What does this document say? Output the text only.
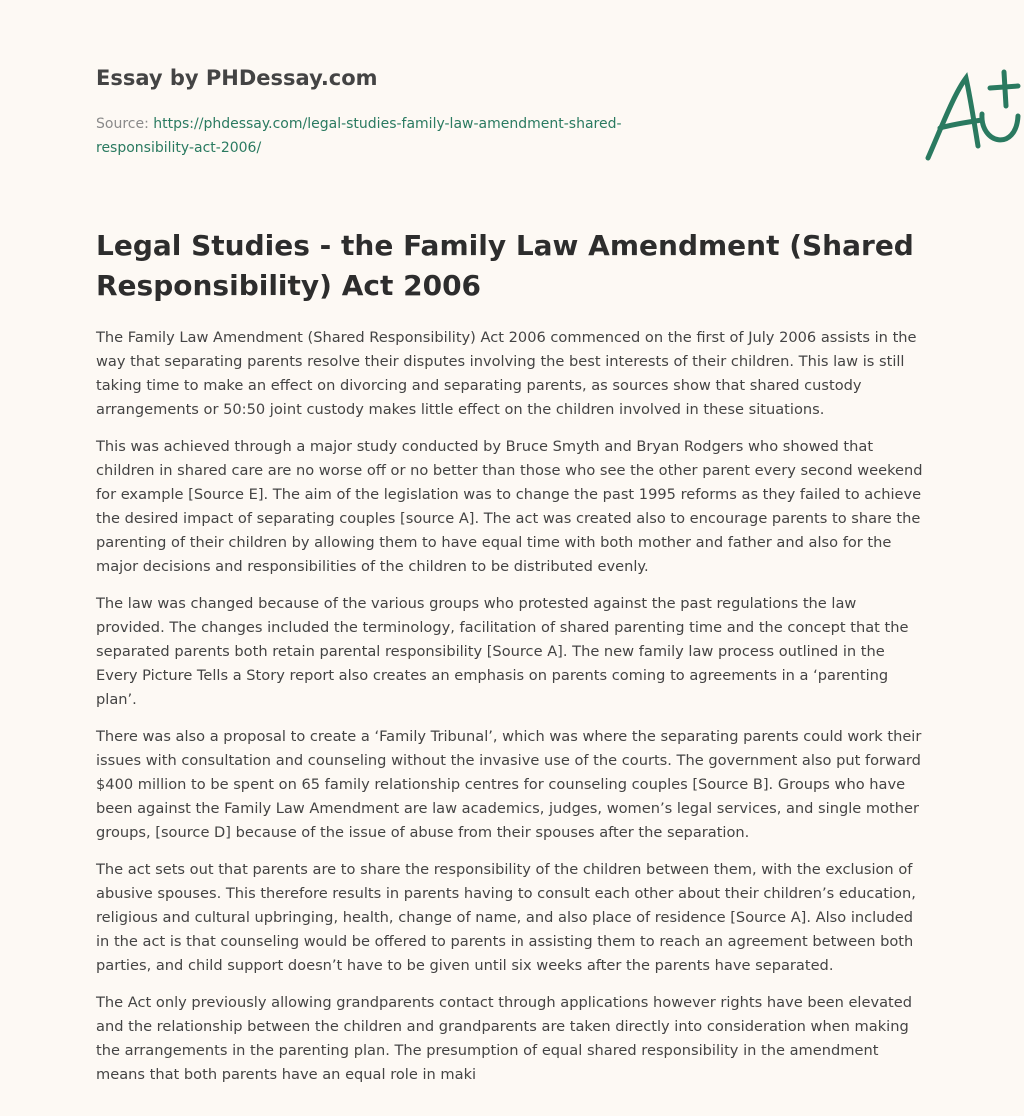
Essay by PHDessay.com

Source: https://phdessay.com/legal-studies-family-law-amendment-shared-responsibility-act-2006/

Legal Studies - the Family Law Amendment (Shared Responsibility) Act 2006

The Family Law Amendment (Shared Responsibility) Act 2006 commenced on the first of July 2006 assists in the way that separating parents resolve their disputes involving the best interests of their children. This law is still taking time to make an effect on divorcing and separating parents, as sources show that shared custody arrangements or 50:50 joint custody makes little effect on the children involved in these situations.

This was achieved through a major study conducted by Bruce Smyth and Bryan Rodgers who showed that children in shared care are no worse off or no better than those who see the other parent every second weekend for example [Source E]. The aim of the legislation was to change the past 1995 reforms as they failed to achieve the desired impact of separating couples [source A]. The act was created also to encourage parents to share the parenting of their children by allowing them to have equal time with both mother and father and also for the major decisions and responsibilities of the children to be distributed evenly.

The law was changed because of the various groups who protested against the past regulations the law provided. The changes included the terminology, facilitation of shared parenting time and the concept that the separated parents both retain parental responsibility [Source A]. The new family law process outlined in the Every Picture Tells a Story report also creates an emphasis on parents coming to agreements in a ‘parenting plan’.

There was also a proposal to create a ‘Family Tribunal’, which was where the separating parents could work their issues with consultation and counseling without the invasive use of the courts. The government also put forward $400 million to be spent on 65 family relationship centres for counseling couples [Source B]. Groups who have been against the Family Law Amendment are law academics, judges, women’s legal services, and single mother groups, [source D] because of the issue of abuse from their spouses after the separation.

The act sets out that parents are to share the responsibility of the children between them, with the exclusion of abusive spouses. This therefore results in parents having to consult each other about their children’s education, religious and cultural upbringing, health, change of name, and also place of residence [Source A]. Also included in the act is that counseling would be offered to parents in assisting them to reach an agreement between both parties, and child support doesn’t have to be given until six weeks after the parents have separated.

The Act only previously allowing grandparents contact through applications however rights have been elevated and the relationship between the children and grandparents are taken directly into consideration when making the arrangements in the parenting plan. The presumption of equal shared responsibility in the amendment means that both parents have an equal role in maki
